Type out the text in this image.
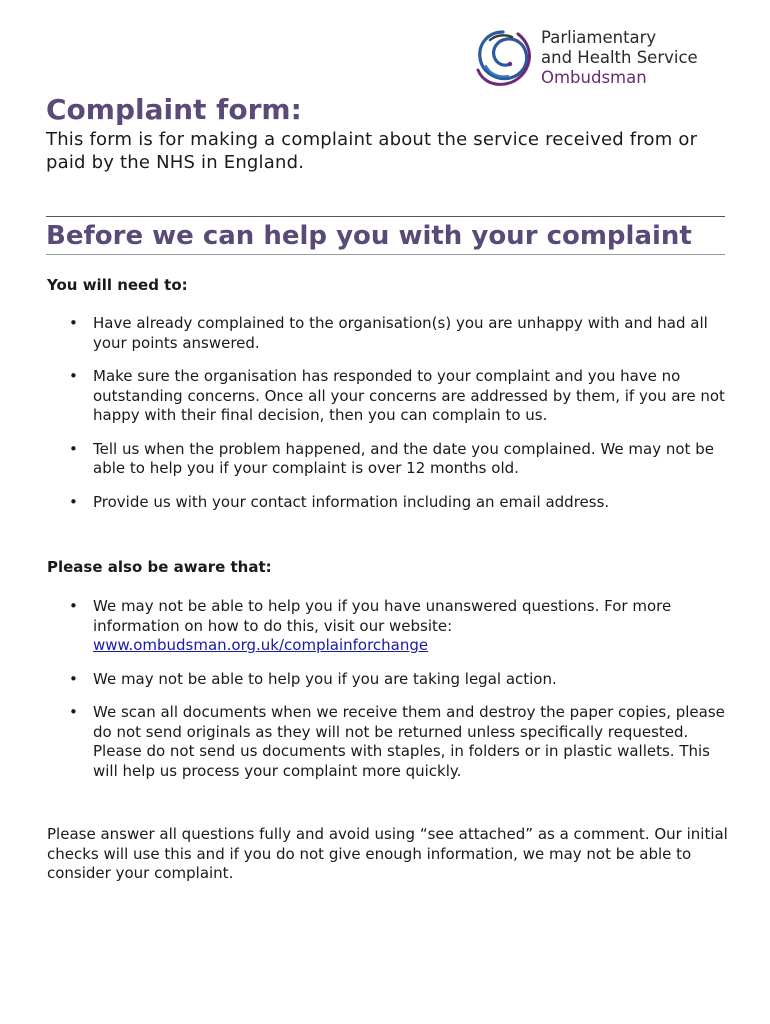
Parliamentary
and Health Service
Ombudsman
Complaint form:

This form is for making a complaint about the service received from or paid by the NHS in England.

Before we can help you with your complaint

You will need to:

• Have already complained to the organisation(s) you are unhappy with and had all your points answered.
• Make sure the organisation has responded to your complaint and you have no outstanding concerns. Once all your concerns are addressed by them, if you are not happy with their final decision, then you can complain to us.
• Tell us when the problem happened, and the date you complained. We may not be able to help you if your complaint is over 12 months old.
• Provide us with your contact information including an email address.

Please also be aware that:

• We may not be able to help you if you have unanswered questions. For more information on how to do this, visit our website:
www.ombudsman.org.uk/complainforchange
• We may not be able to help you if you are taking legal action.
• We scan all documents when we receive them and destroy the paper copies, please do not send originals as they will not be returned unless specifically requested. Please do not send us documents with staples, in folders or in plastic wallets. This will help us process your complaint more quickly.

Please answer all questions fully and avoid using “see attached” as a comment. Our initial checks will use this and if you do not give enough information, we may not be able to consider your complaint.
